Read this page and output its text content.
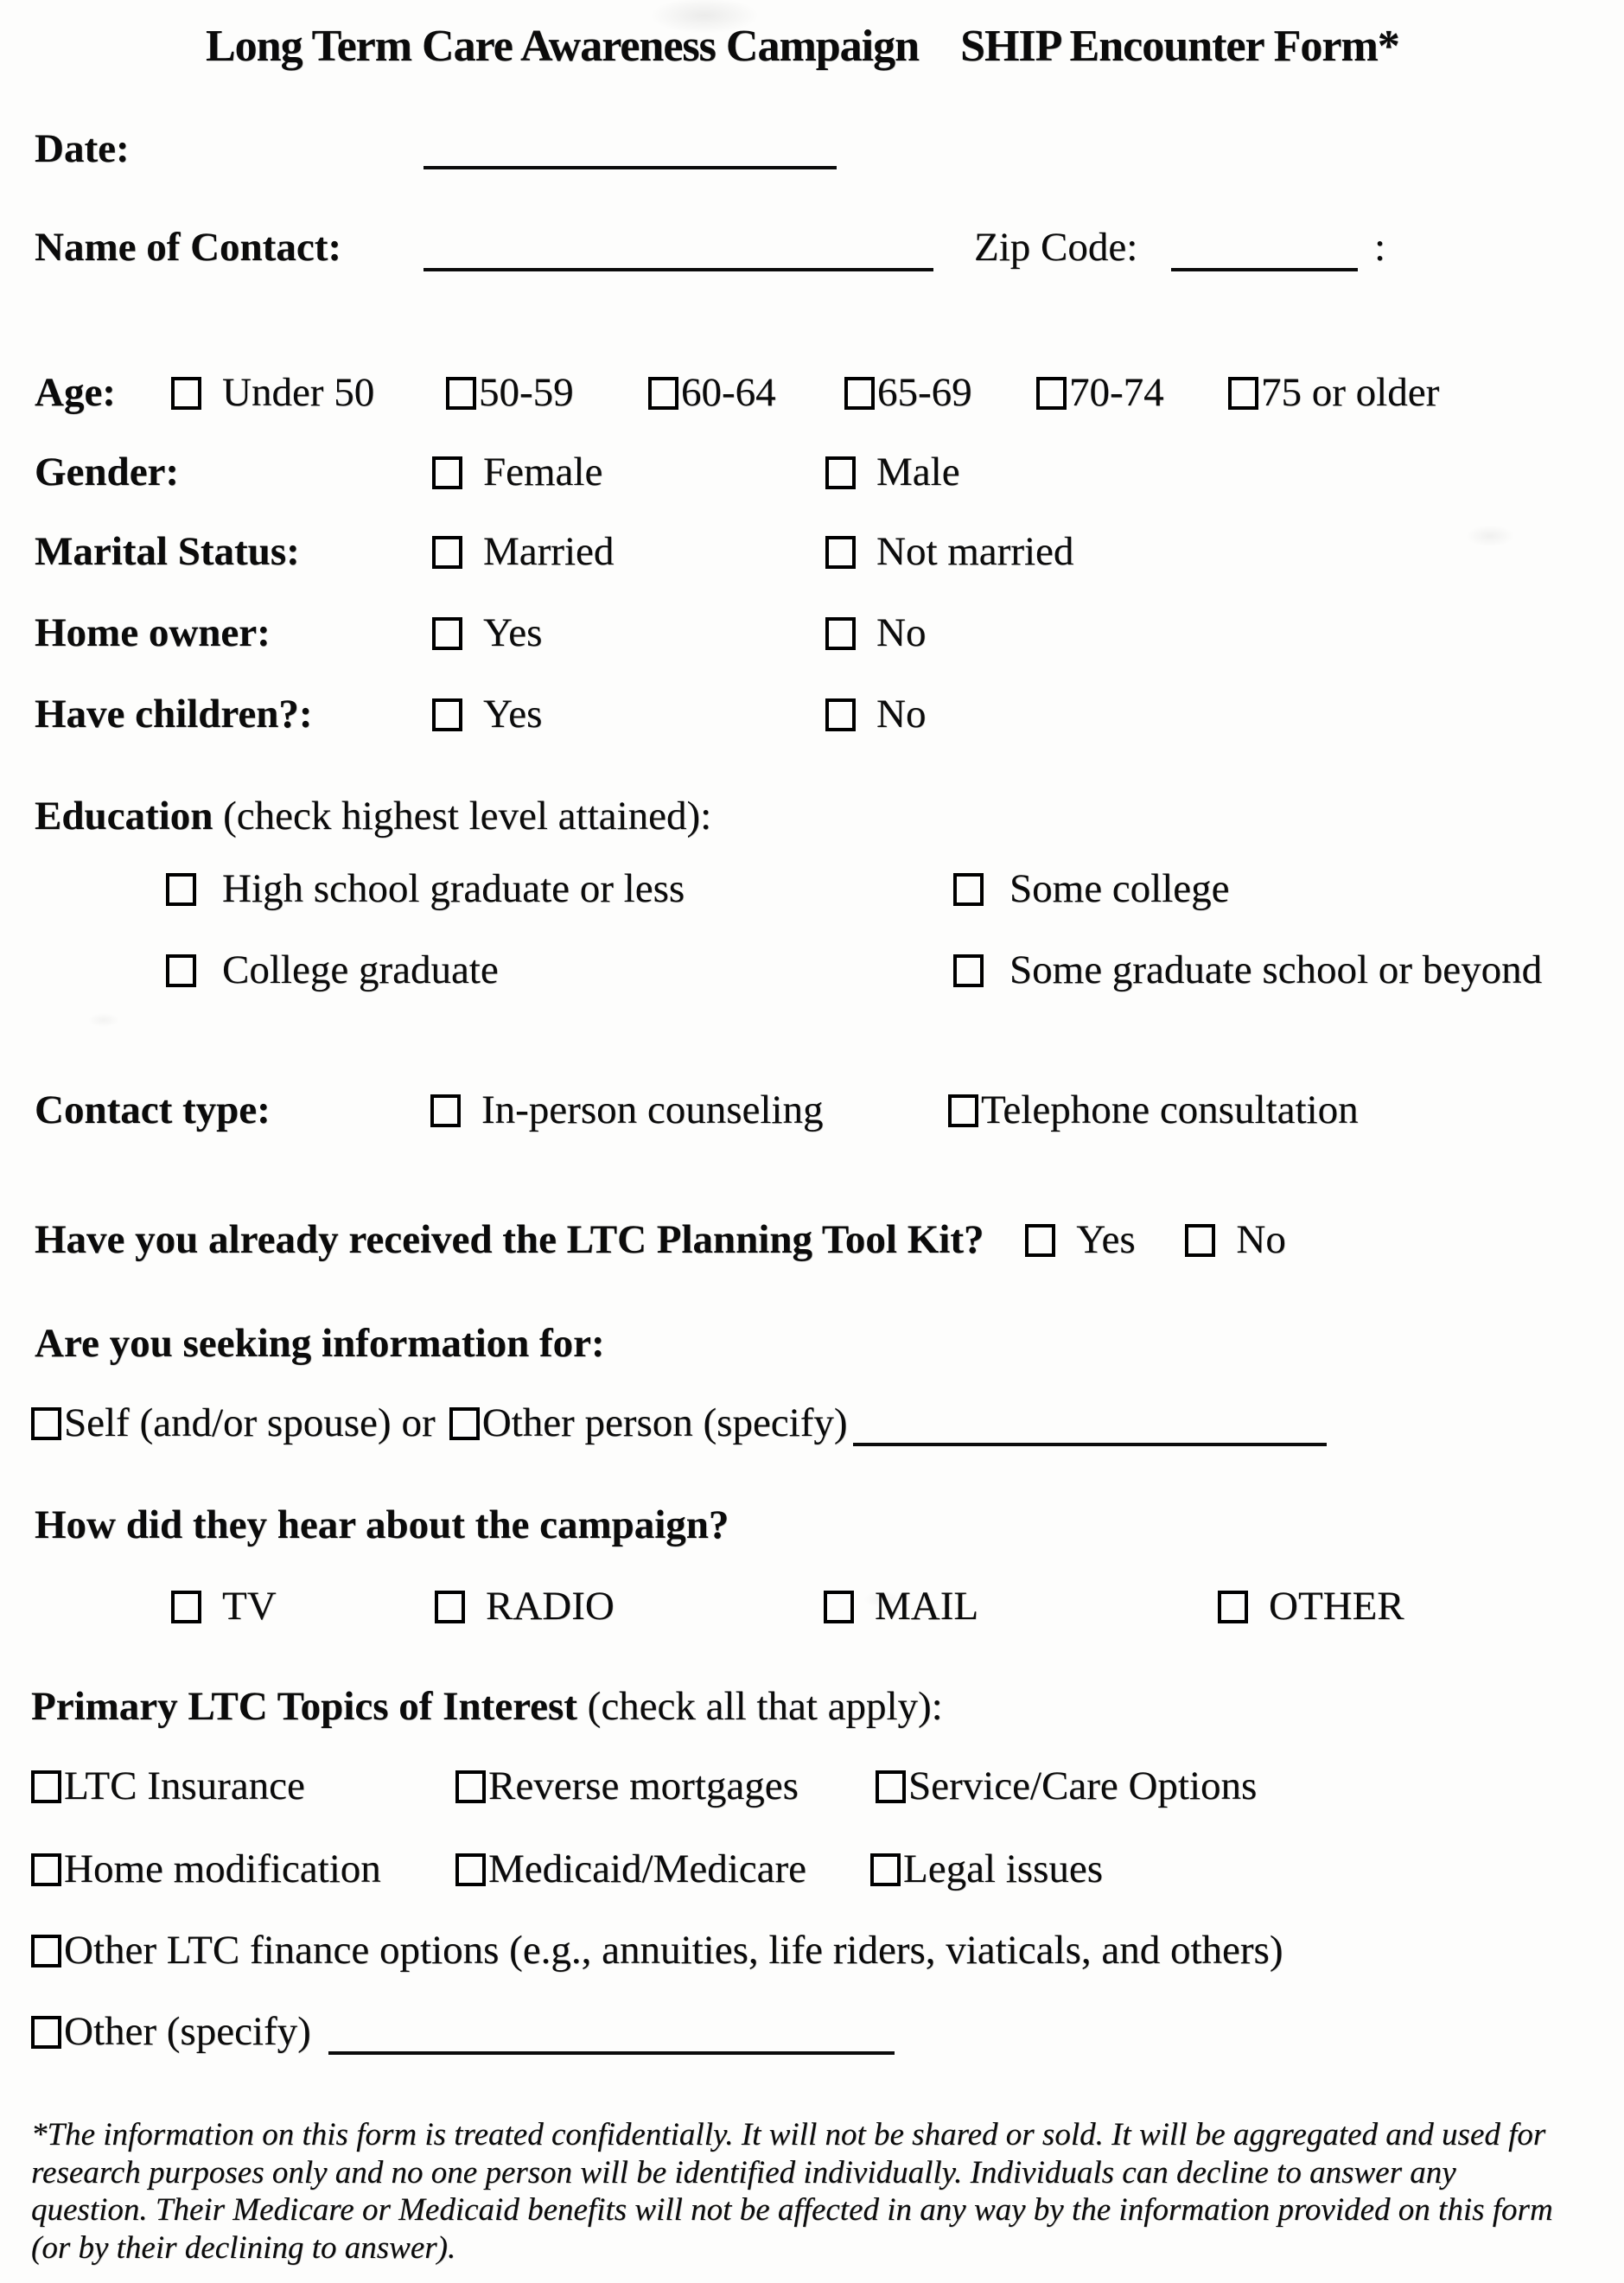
Long Term Care Awareness Campaign SHIP Encounter Form*
Date:
Name of Contact:	Zip Code:	:
Age:	Under 50	50-59	60-64	65-69	70-74	75 or older
Gender:	Female	Male
Marital Status:	Married	Not married
Home owner:	Yes	No
Have children?:	Yes	No
Education (check highest level attained):
High school graduate or less	Some college
College graduate	Some graduate school or beyond
Contact type:	In-person counseling	Telephone consultation
Have you already received the LTC Planning Tool Kit? Yes No
Are you seeking information for:
Self (and/or spouse) or Other person (specify)
How did they hear about the campaign?
TV	RADIO	MAIL	OTHER
Primary LTC Topics of Interest (check all that apply):
LTC Insurance	Reverse mortgages	Service/Care Options
Home modification	Medicaid/Medicare	Legal issues
Other LTC finance options (e.g., annuities, life riders, viaticals, and others)
Other (specify)
*The information on this form is treated confidentially. It will not be shared or sold. It will be aggregated and used for research purposes only and no one person will be identified individually. Individuals can decline to answer any question. Their Medicare or Medicaid benefits will not be affected in any way by the information provided on this form (or by their declining to answer).
